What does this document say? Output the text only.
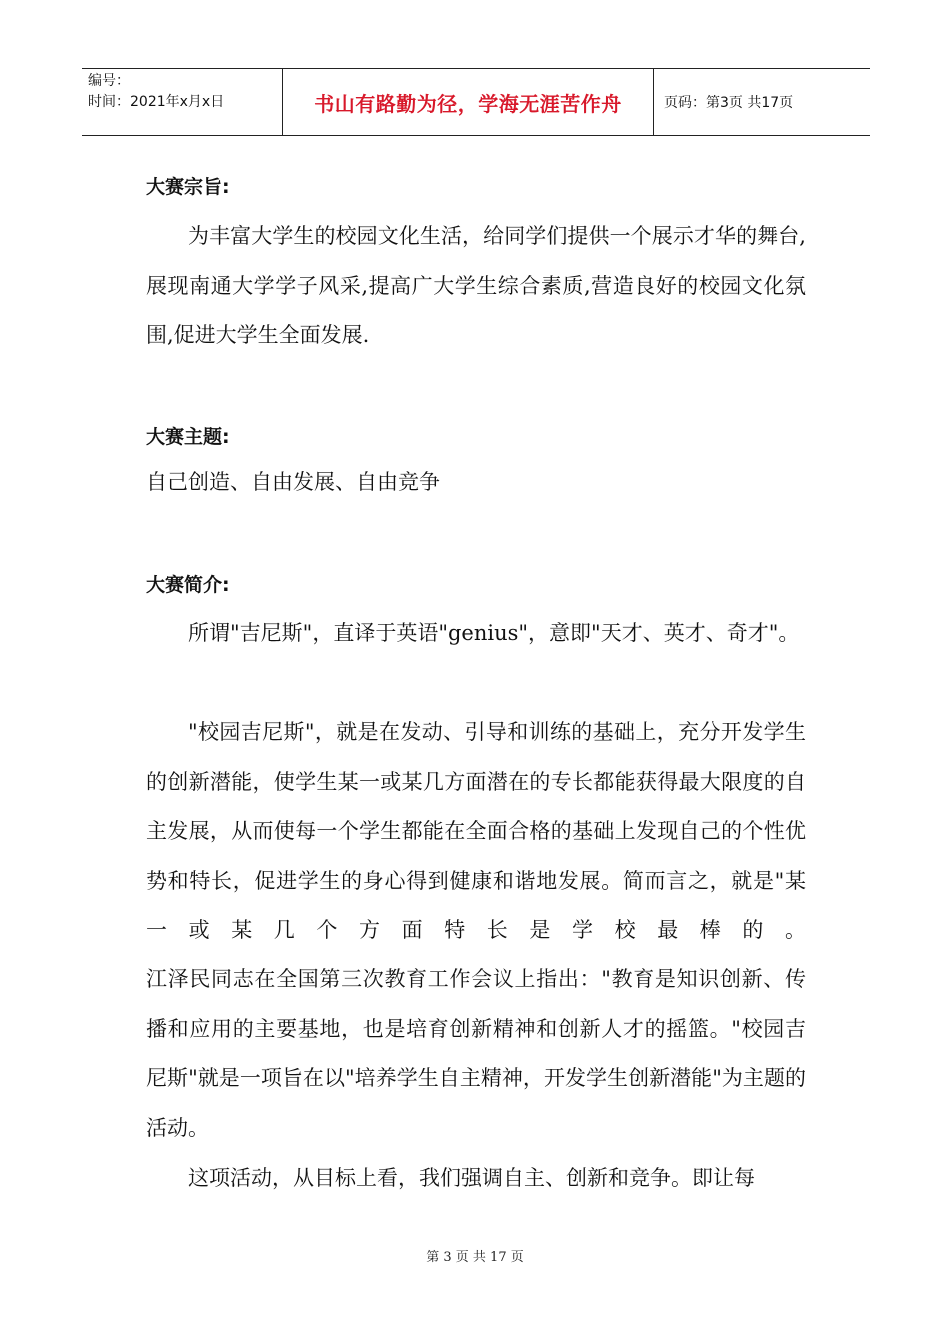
编号：
时间：2021年x月x日	书山有路勤为径，学海无涯苦作舟	页码：第3页 共17页
大赛宗旨:
为丰富大学生的校园文化生活，给同学们提供一个展示才华的舞台,展现南通大学学子风采,提高广大学生综合素质,营造良好的校园文化氛围,促进大学生全面发展.
大赛主题:
自己创造、自由发展、自由竞争
大赛简介:
所谓"吉尼斯"，直译于英语"genius"，意即"天才、英才、奇才"。
"校园吉尼斯"，就是在发动、引导和训练的基础上，充分开发学生的创新潜能，使学生某一或某几方面潜在的专长都能获得最大限度的自主发展，从而使每一个学生都能在全面合格的基础上发现自己的个性优势和特长，促进学生的身心得到健康和谐地发展。简而言之，就是"某一或某几个方面特长是学校最棒的。
江泽民同志在全国第三次教育工作会议上指出："教育是知识创新、传播和应用的主要基地，也是培育创新精神和创新人才的摇篮。"校园吉尼斯"就是一项旨在以"培养学生自主精神，开发学生创新潜能"为主题的活动。
这项活动，从目标上看，我们强调自主、创新和竞争。即让每
第 3 页 共 17 页
